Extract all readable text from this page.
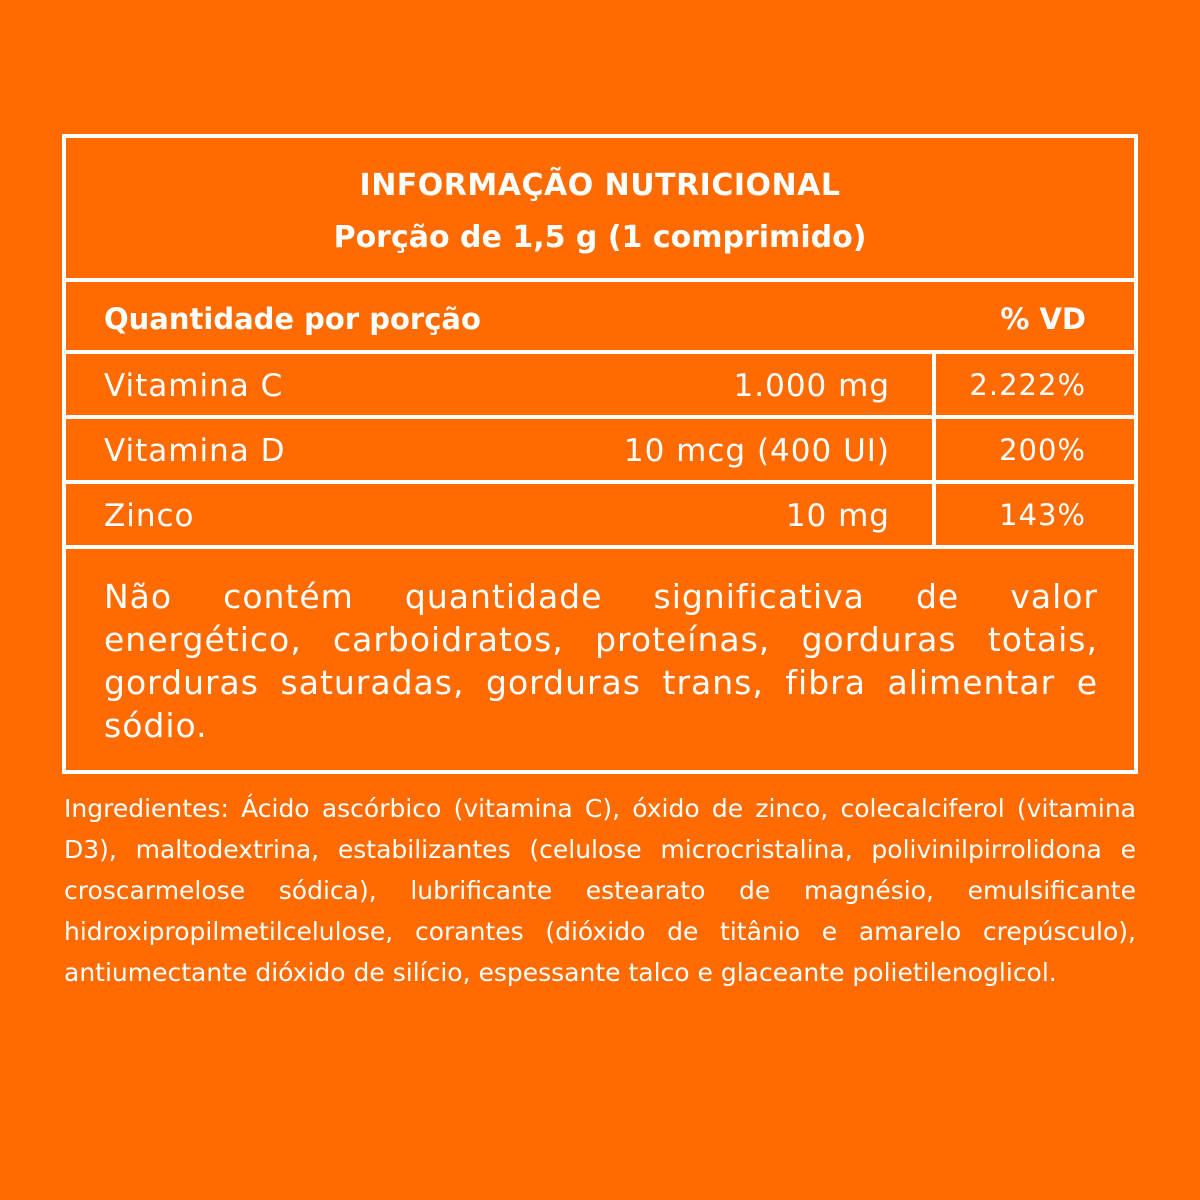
INFORMAÇÃO NUTRICIONAL
Porção de 1,5 g (1 comprimido)
Quantidade por porção	% VD
Vitamina C	1.000 mg	2.222%
Vitamina D	10 mcg (400 UI)	200%
Zinco	10 mg	143%
Não contém quantidade significativa de valor energético, carboidratos, proteínas, gorduras totais, gorduras saturadas, gorduras trans, fibra alimentar e sódio.
Ingredientes: Ácido ascórbico (vitamina C), óxido de zinco, colecalciferol (vitamina D3), maltodextrina, estabilizantes (celulose microcristalina, polivinilpirrolidona e croscarmelose sódica), lubrificante estearato de magnésio, emulsificante hidroxipropilmetilcelulose, corantes (dióxido de titânio e amarelo crepúsculo), antiumectante dióxido de silício, espessante talco e glaceante polietilenoglicol.
